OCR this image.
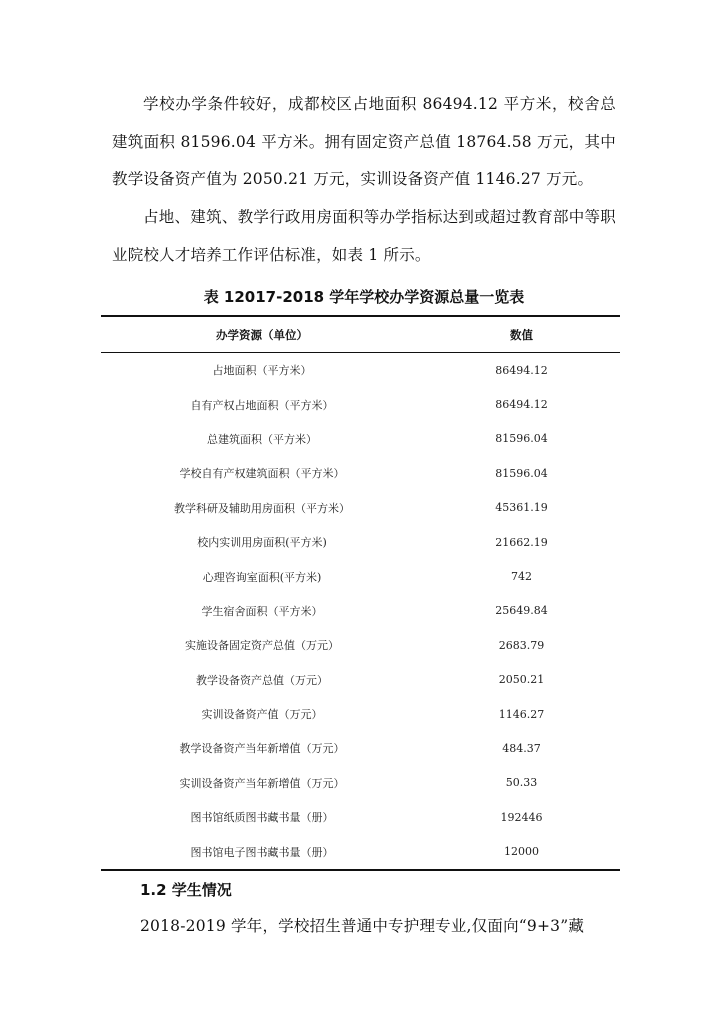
学校办学条件较好，成都校区占地面积 86494.12 平方米，校舍总建筑面积 81596.04 平方米。拥有固定资产总值 18764.58 万元，其中教学设备资产值为 2050.21 万元，实训设备资产值 1146.27 万元。

占地、建筑、教学行政用房面积等办学指标达到或超过教育部中等职业院校人才培养工作评估标准，如表 1 所示。

表 12017-2018 学年学校办学资源总量一览表

办学资源（单位）	数值
占地面积（平方米）	86494.12
自有产权占地面积（平方米）	86494.12
总建筑面积（平方米）	81596.04
学校自有产权建筑面积（平方米）	81596.04
教学科研及辅助用房面积（平方米）	45361.19
校内实训用房面积(平方米)	21662.19
心理咨询室面积(平方米)	742
学生宿舍面积（平方米）	25649.84
实施设备固定资产总值（万元）	2683.79
教学设备资产总值（万元）	2050.21
实训设备资产值（万元）	1146.27
教学设备资产当年新增值（万元）	484.37
实训设备资产当年新增值（万元）	50.33
图书馆纸质图书藏书量（册）	192446
图书馆电子图书藏书量（册）	12000

1.2 学生情况

2018-2019 学年，学校招生普通中专护理专业,仅面向“9+3”藏
